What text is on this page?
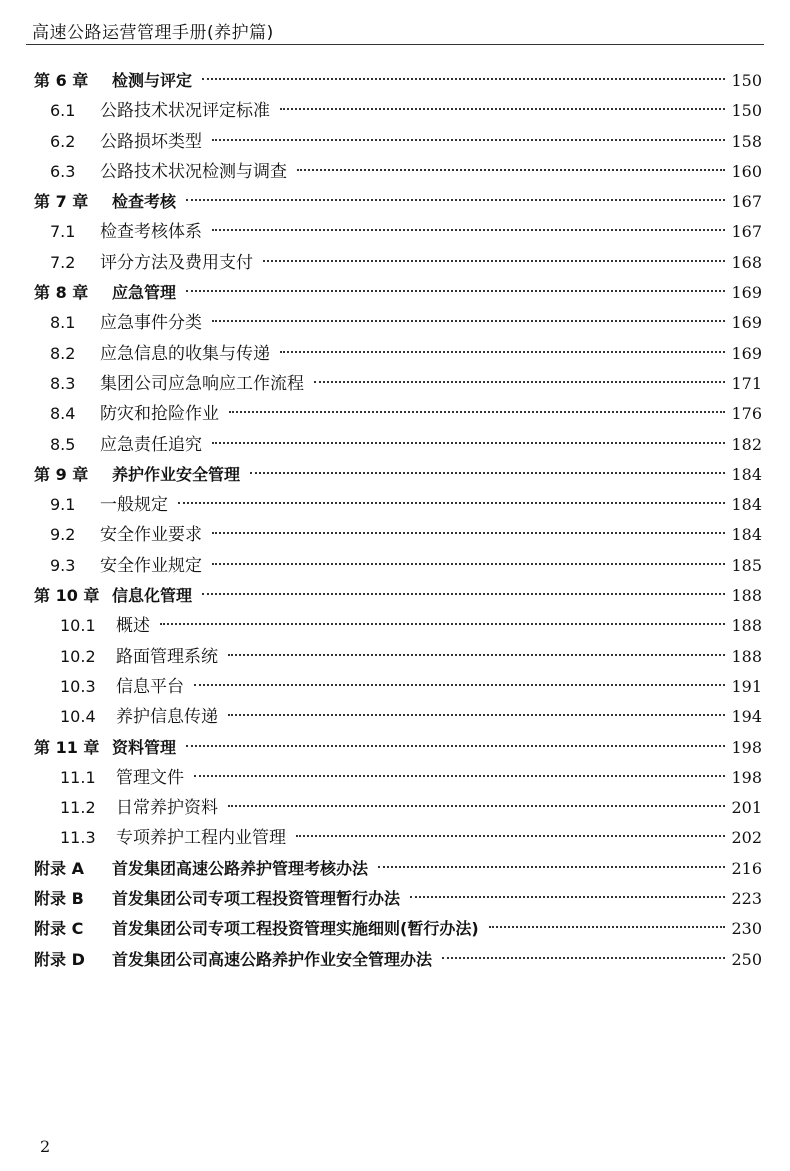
高速公路运营管理手册(养护篇)
第 6 章	检测与评定	150
6.1	公路技术状况评定标准	150
6.2	公路损坏类型	158
6.3	公路技术状况检测与调查	160
第 7 章	检查考核	167
7.1	检查考核体系	167
7.2	评分方法及费用支付	168
第 8 章	应急管理	169
8.1	应急事件分类	169
8.2	应急信息的收集与传递	169
8.3	集团公司应急响应工作流程	171
8.4	防灾和抢险作业	176
8.5	应急责任追究	182
第 9 章	养护作业安全管理	184
9.1	一般规定	184
9.2	安全作业要求	184
9.3	安全作业规定	185
第 10 章 信息化管理	188
10.1	概述	188
10.2	路面管理系统	188
10.3	信息平台	191
10.4	养护信息传递	194
第 11 章 资料管理	198
11.1	管理文件	198
11.2	日常养护资料	201
11.3	专项养护工程内业管理	202
附录 A	首发集团高速公路养护管理考核办法	216
附录 B	首发集团公司专项工程投资管理暂行办法	223
附录 C	首发集团公司专项工程投资管理实施细则(暂行办法)	230
附录 D	首发集团公司高速公路养护作业安全管理办法	250
2
